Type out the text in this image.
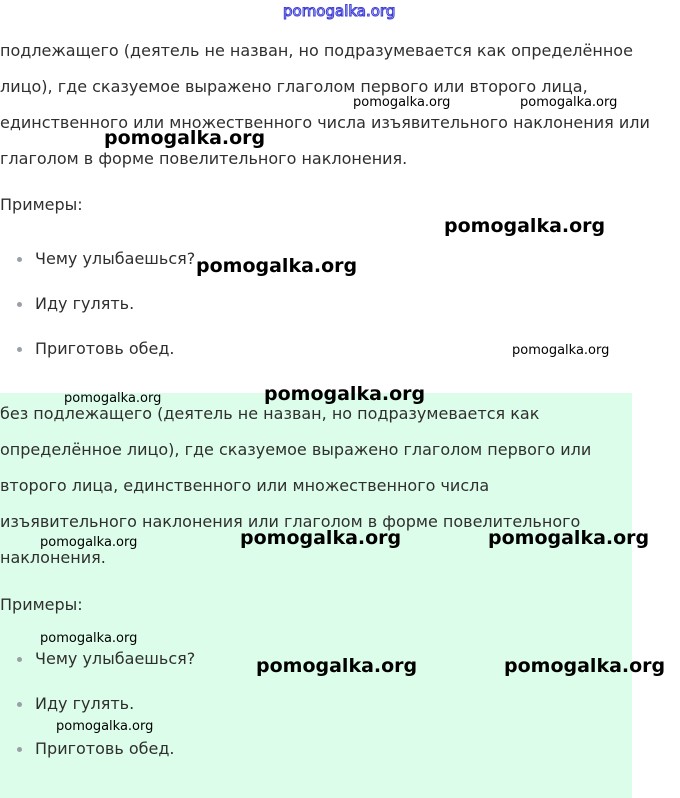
pomogalka.org

подлежащего (деятель не назван, но подразумевается как определённое

лицо), где сказуемое выражено глаголом первого или второго лица,

единственного или множественного числа изъявительного наклонения или

глаголом в форме повелительного наклонения.

Примеры:

Чему улыбаешься?
Иду гулять.
Приготовь обед.

без подлежащего (деятель не назван, но подразумевается как

определённое лицо), где сказуемое выражено глаголом первого или

второго лица, единственного или множественного числа

изъявительного наклонения или глаголом в форме повелительного

наклонения.

Примеры:

Чему улыбаешься?
Иду гулять.
Приготовь обед.
pomogalka.org	pomogalka.org
pomogalka.org
pomogalka.org
pomogalka.org
pomogalka.org
pomogalka.org	pomogalka.org
pomogalka.org	pomogalka.org	pomogalka.org
pomogalka.org
pomogalka.org	pomogalka.org
pomogalka.org
